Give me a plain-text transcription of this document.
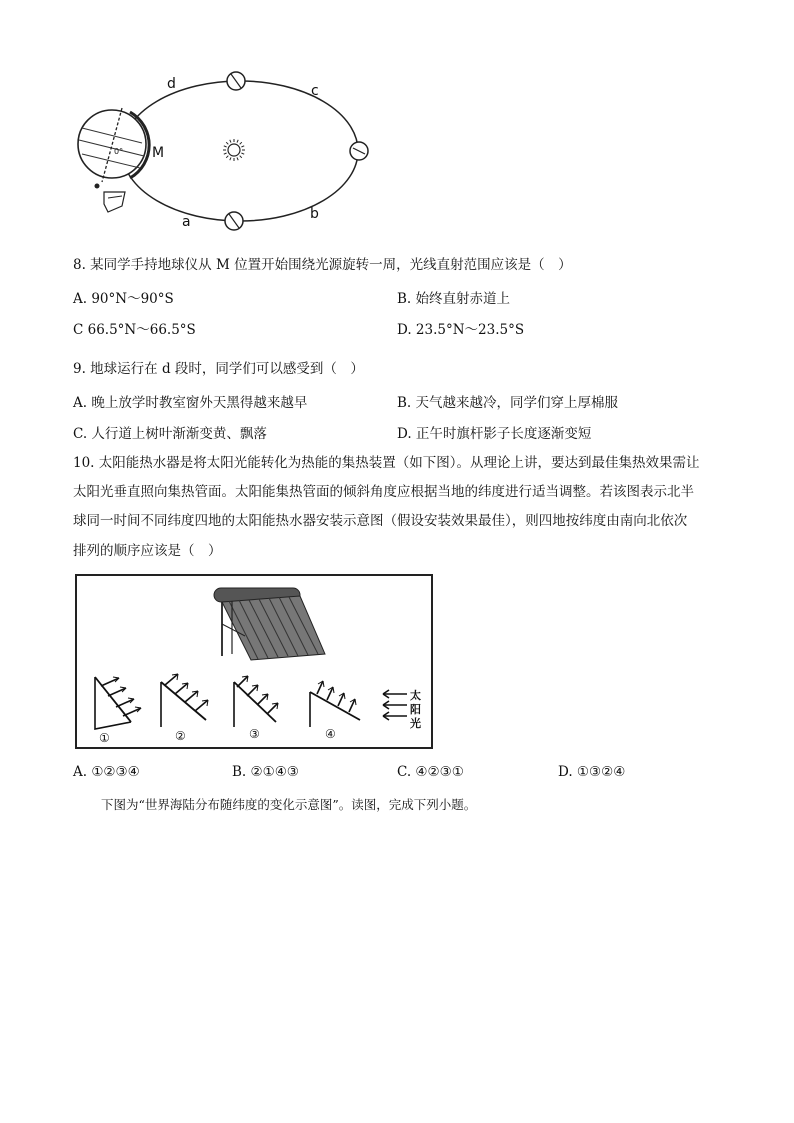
0°
d	c
M
a	b
8. 某同学手持地球仪从 M 位置开始围绕光源旋转一周，光线直射范围应该是（　）
A. 90°N～90°S	B. 始终直射赤道上
C 66.5°N～66.5°S	D. 23.5°N～23.5°S
9. 地球运行在 d 段时，同学们可以感受到（　）
A. 晚上放学时教室窗外天黑得越来越早	B. 天气越来越冷，同学们穿上厚棉服
C. 人行道上树叶渐渐变黄、飘落	D. 正午时旗杆影子长度逐渐变短
10. 太阳能热水器是将太阳光能转化为热能的集热装置（如下图）。从理论上讲，要达到最佳集热效果需让
太阳光垂直照向集热管面。太阳能集热管面的倾斜角度应根据当地的纬度进行适当调整。若该图表示北半
球同一时间不同纬度四地的太阳能热水器安装示意图（假设安装效果最佳），则四地按纬度由南向北依次
排列的顺序应该是（　）
太
阳
光
①	②	③	④
A. ①②③④	B. ②①④③	C. ④②③①	D. ①③②④
下图为“世界海陆分布随纬度的变化示意图”。读图，完成下列小题。
